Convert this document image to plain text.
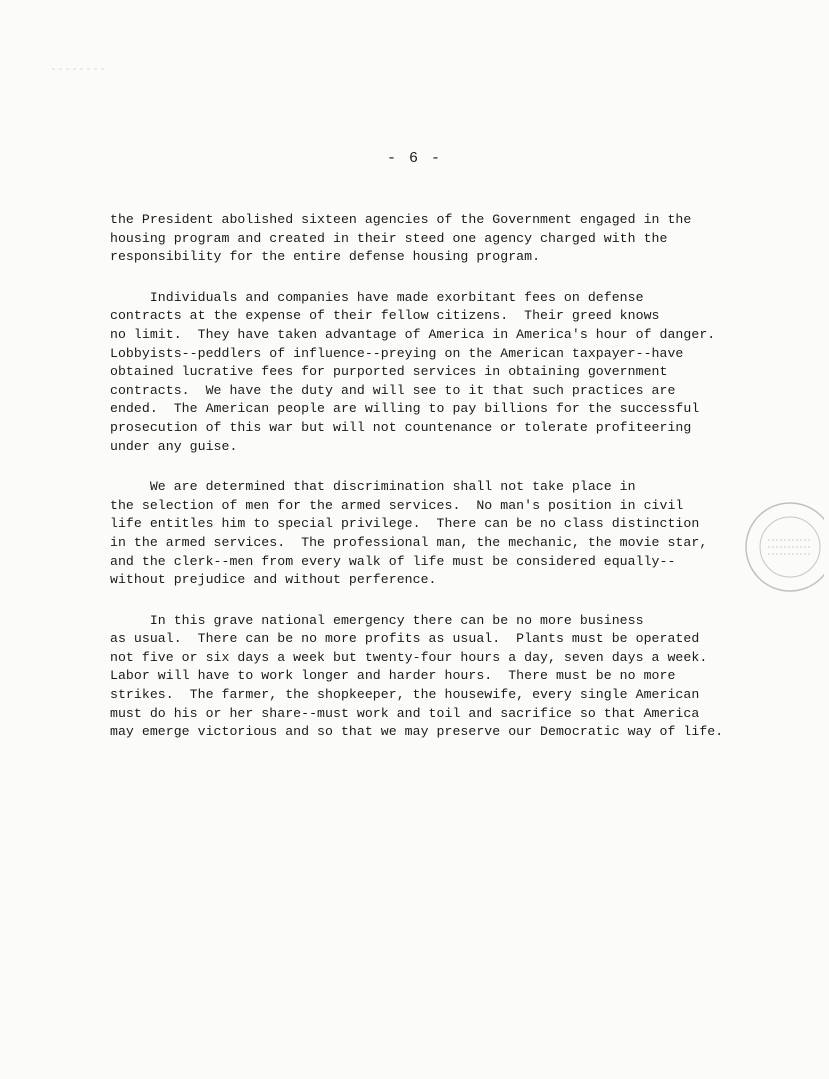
- 6 -
the President abolished sixteen agencies of the Government engaged in the
housing program and created in their steed one agency charged with the
responsibility for the entire defense housing program.
Individuals and companies have made exorbitant fees on defense
contracts at the expense of their fellow citizens.  Their greed knows
no limit.  They have taken advantage of America in America's hour of danger.
Lobbyists--peddlers of influence--preying on the American taxpayer--have
obtained lucrative fees for purported services in obtaining government
contracts.  We have the duty and will see to it that such practices are
ended.  The American people are willing to pay billions for the successful
prosecution of this war but will not countenance or tolerate profiteering
under any guise.
We are determined that discrimination shall not take place in
the selection of men for the armed services.  No man's position in civil
life entitles him to special privilege.  There can be no class distinction
in the armed services.  The professional man, the mechanic, the movie star,
and the clerk--men from every walk of life must be considered equally--
without prejudice and without perference.
In this grave national emergency there can be no more business
as usual.  There can be no more profits as usual.  Plants must be operated
not five or six days a week but twenty-four hours a day, seven days a week.
Labor will have to work longer and harder hours.  There must be no more
strikes.  The farmer, the shopkeeper, the housewife, every single American
must do his or her share--must work and toil and sacrifice so that America
may emerge victorious and so that we may preserve our Democratic way of life.
